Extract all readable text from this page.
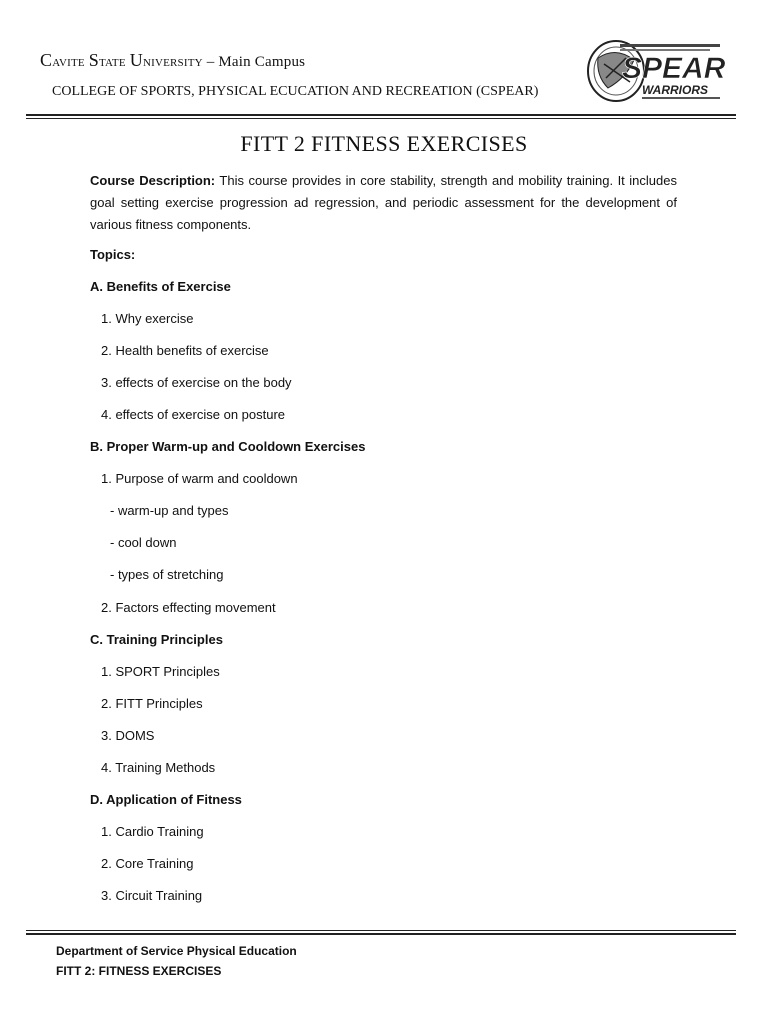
Cavite State University – Main Campus
COLLEGE OF SPORTS, PHYSICAL ECUCATION AND RECREATION (CSPEAR)
SPEAR
WARRIORS
FITT 2 FITNESS EXERCISES
Course Description: This course provides in core stability, strength and mobility training. It includes goal setting exercise progression ad regression, and periodic assessment for the development of various fitness components.
Topics:
A. Benefits of Exercise
1. Why exercise
2. Health benefits of exercise
3. effects of exercise on the body
4. effects of exercise on posture
B. Proper Warm-up and Cooldown Exercises
1. Purpose of warm and cooldown
- warm-up and types
- cool down
- types of stretching
2. Factors effecting movement
C. Training Principles
1. SPORT Principles
2. FITT Principles
3. DOMS
4. Training Methods
D. Application of Fitness
1. Cardio Training
2. Core Training
3. Circuit Training
Department of Service Physical Education
FITT 2: FITNESS EXERCISES
